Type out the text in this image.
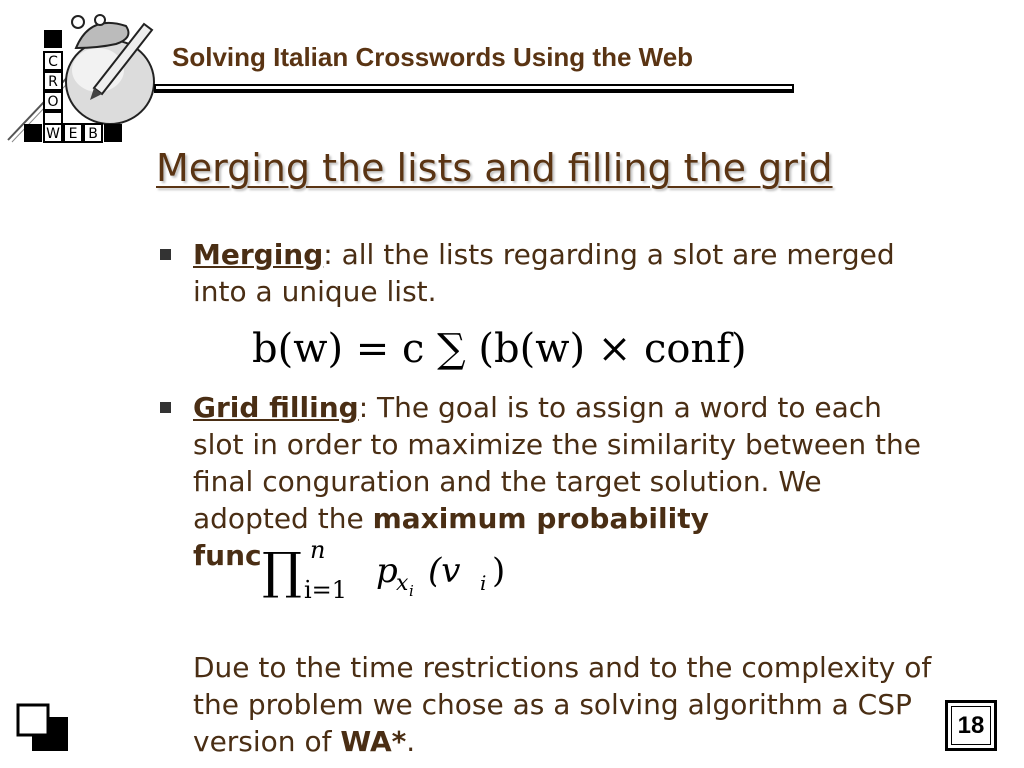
C
R
O
W E B
Solving Italian Crosswords Using the Web
Merging the lists and filling the grid
Merging: all the lists regarding a slot are merged into a unique list.
b(w) = c ∑ (b(w) × conf)
Grid filling: The goal is to assign a word to each slot in order to maximize the similarity between the final conguration and the target solution. We adopted the maximum probability
func ∏ n
i=1 p
x i (v i )
Due to the time restrictions and to the complexity of the problem we chose as a solving algorithm a CSP version of WA*.	18
